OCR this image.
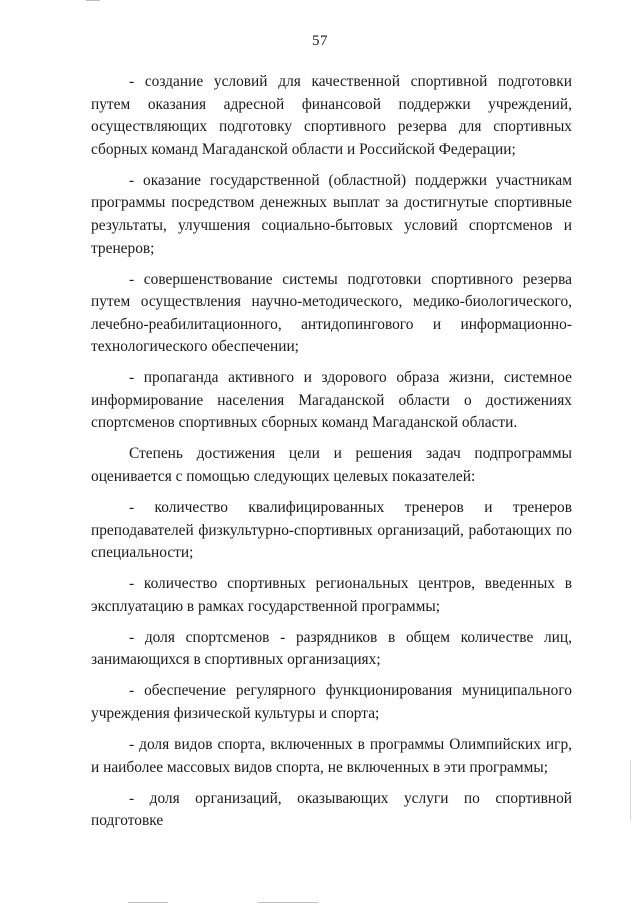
57

- создание условий для качественной спортивной подготовки путем оказания адресной финансовой поддержки учреждений, осуществляющих подготовку спортивного резерва для спортивных сборных команд Магаданской области и Российской Федерации;

- оказание государственной (областной) поддержки участникам программы посредством денежных выплат за достигнутые спортивные результаты, улучшения социально-бытовых условий спортсменов и тренеров;

- совершенствование системы подготовки спортивного резерва путем осуществления научно-методического, медико-биологического, лечебно-реабилитационного, антидопингового и информационно-технологического обеспечении;

- пропаганда активного и здорового образа жизни, системное информирование населения Магаданской области о достижениях спортсменов спортивных сборных команд Магаданской области.

Степень достижения цели и решения задач подпрограммы оценивается с помощью следующих целевых показателей:

- количество квалифицированных тренеров и тренеров преподавателей физкультурно-спортивных организаций, работающих по специальности;

- количество спортивных региональных центров, введенных в эксплуатацию в рамках государственной программы;

- доля спортсменов - разрядников в общем количестве лиц, занимающихся в спортивных организациях;

- обеспечение регулярного функционирования муниципального учреждения физической культуры и спорта;

- доля видов спорта, включенных в программы Олимпийских игр, и наиболее массовых видов спорта, не включенных в эти программы;

- доля организаций, оказывающих услуги по спортивной подготовке
